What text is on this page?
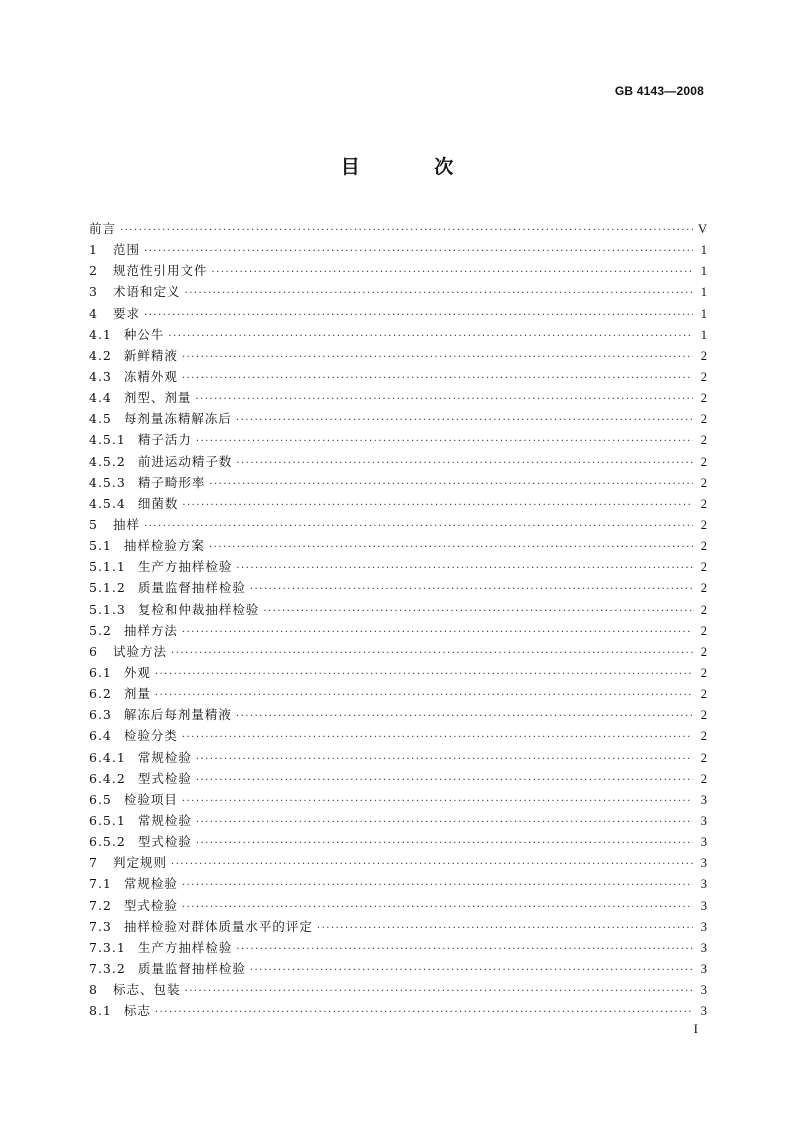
GB 4143—2008
目 次
前言 ·····	V
1 范围 ·····	1
2 规范性引用文件 ·····	1
3 术语和定义 ·····	1
4 要求 ·····	1
4.1 种公牛 ·····	1
4.2 新鲜精液 ·····	2
4.3 冻精外观 ·····	2
4.4 剂型、剂量 ·····	2
4.5 每剂量冻精解冻后 ·····	2
4.5.1 精子活力 ·····	2
4.5.2 前进运动精子数 ·····	2
4.5.3 精子畸形率 ·····	2
4.5.4 细菌数 ·····	2
5 抽样 ·····	2
5.1 抽样检验方案 ·····	2
5.1.1 生产方抽样检验 ·····	2
5.1.2 质量监督抽样检验 ·····	2
5.1.3 复检和仲裁抽样检验 ·····	2
5.2 抽样方法 ·····	2
6 试验方法 ·····	2
6.1 外观 ·····	2
6.2 剂量 ·····	2
6.3 解冻后每剂量精液 ·····	2
6.4 检验分类 ·····	2
6.4.1 常规检验 ·····	2
6.4.2 型式检验 ·····	2
6.5 检验项目 ·····	3
6.5.1 常规检验 ·····	3
6.5.2 型式检验 ·····	3
7 判定规则 ·····	3
7.1 常规检验 ·····	3
7.2 型式检验 ·····	3
7.3 抽样检验对群体质量水平的评定 ·····	3
7.3.1 生产方抽样检验 ·····	3
7.3.2 质量监督抽样检验 ·····	3
8 标志、包装 ·····	3
8.1 标志 ·····	3
I
